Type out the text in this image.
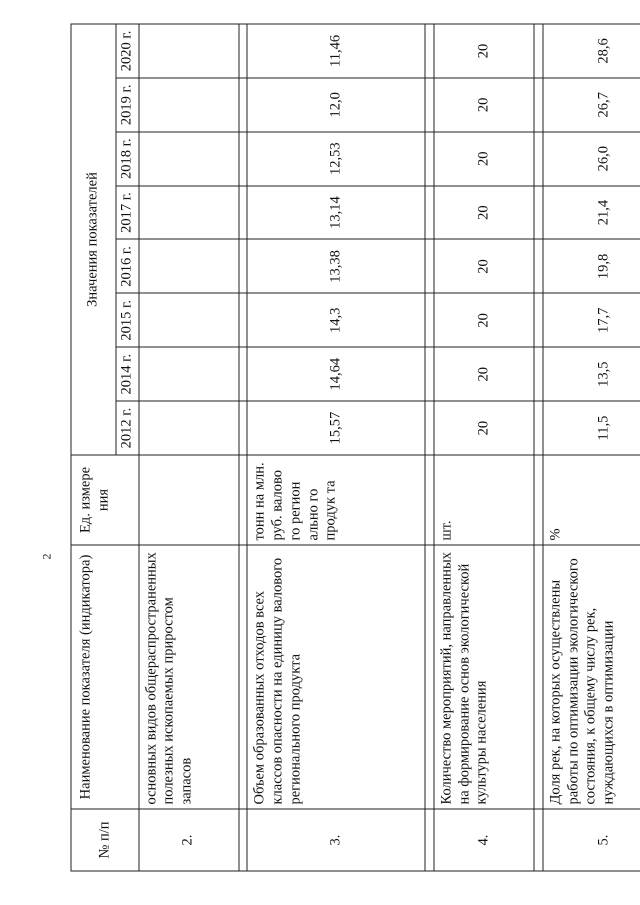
2
№ п/п	Наименование показателя (индикатора)	Ед. измере ния	Значения показателей							
			2012 г.	2014 г.	2015 г.	2016 г.	2017 г.	2018 г.	2019 г.	2020 г.
2.	основных видов общераспространенных полезных ископаемых приростом запасов									

3.	Объем образованных отходов всех классов опасности на единицу валового регионального продукта	тонн на млн. руб. валово го регион ально го продук та	15,57	14,64	14,3	13,38	13,14	12,53	12,0	11,46

4.	Количество мероприятий, направленных на формирование основ экологической культуры населения	шт.	20	20	20	20	20	20	20	20

5.	Доля рек, на которых осуществлены работы по оптимизации экологического состояния, к общему числу рек, нуждающихся в оптимизации	%	11,5	13,5	17,7	19,8	21,4	26,0	26,7	28,6
